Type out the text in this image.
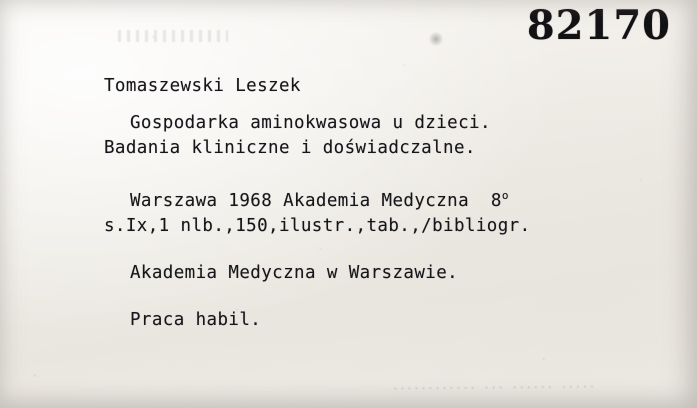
82170
Tomaszewski Leszek
Gospodarka aminokwasowa u dzieci.
Badania kliniczne i doświadczalne.
Warszawa 1968 Akademia Medyczna 8$^o$
s.Ix,1 nlb.,150,ilustr.,tab.,/bibliogr.
Akademia Medyczna w Warszawie.
Praca habil.
............ ... ...... .....
